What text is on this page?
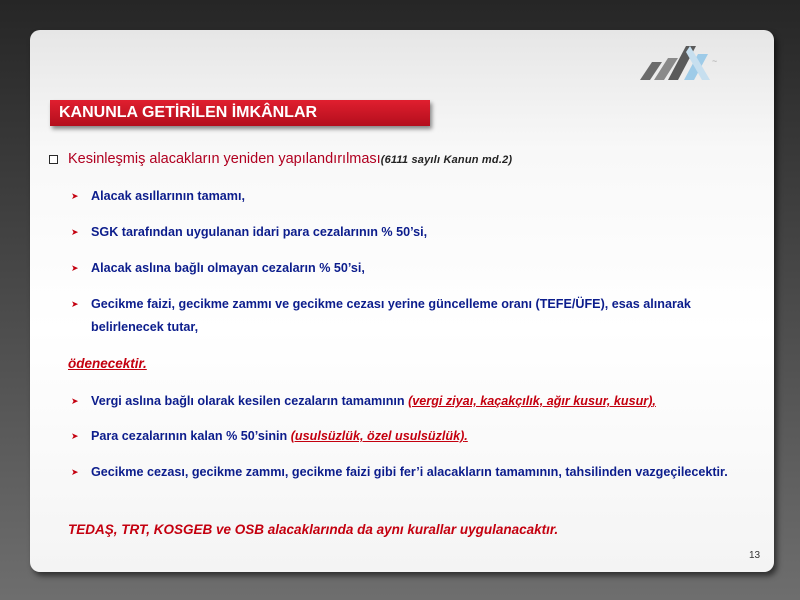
~
KANUNLA GETİRİLEN İMKÂNLAR
Kesinleşmiş alacakların yeniden yapılandırılması(6111 sayılı Kanun md.2)
➤ Alacak asıllarının tamamı,
➤ SGK tarafından uygulanan idari para cezalarının % 50’si,
➤ Alacak aslına bağlı olmayan cezaların % 50’si,
➤ Gecikme faizi, gecikme zammı ve gecikme cezası yerine güncelleme oranı (TEFE/ÜFE), esas alınarak belirlenecek tutar,
ödenecektir.
➤ Vergi aslına bağlı olarak kesilen cezaların tamamının (vergi ziyaı, kaçakçılık, ağır kusur, kusur),
➤ Para cezalarının kalan % 50’sinin (usulsüzlük, özel usulsüzlük).
➤ Gecikme cezası, gecikme zammı, gecikme faizi gibi fer’i alacakların tamamının, tahsilinden vazgeçilecektir.
TEDAŞ, TRT, KOSGEB ve OSB alacaklarında da aynı kurallar uygulanacaktır.
13
